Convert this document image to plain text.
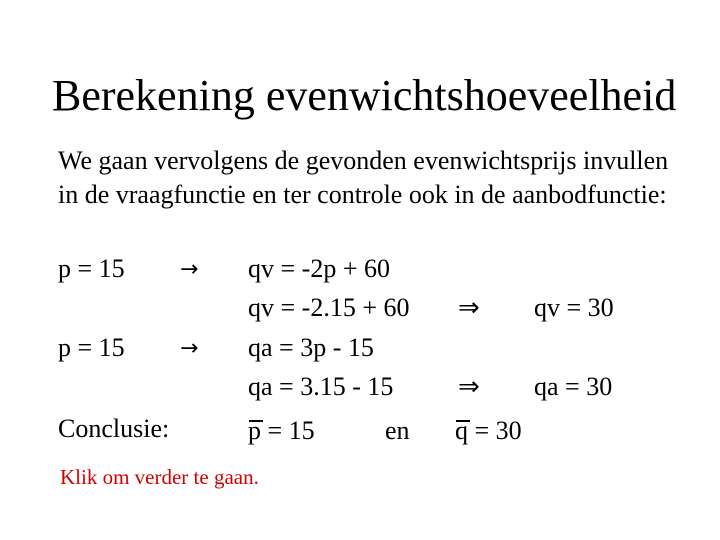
Berekening evenwichtshoeveelheid
We gaan vervolgens de gevonden evenwichtsprijs invullen in de vraagfunctie en ter controle ook in de aanbodfunctie:
p = 15	→ qv = -2p + 60
qv = -2.15 + 60 ⇒ qv = 30
p = 15	→ qa = 3p - 15
qa = 3.15 - 15 ⇒ qa = 30
Conclusie:	p = 15	en q = 30
Klik om verder te gaan.
